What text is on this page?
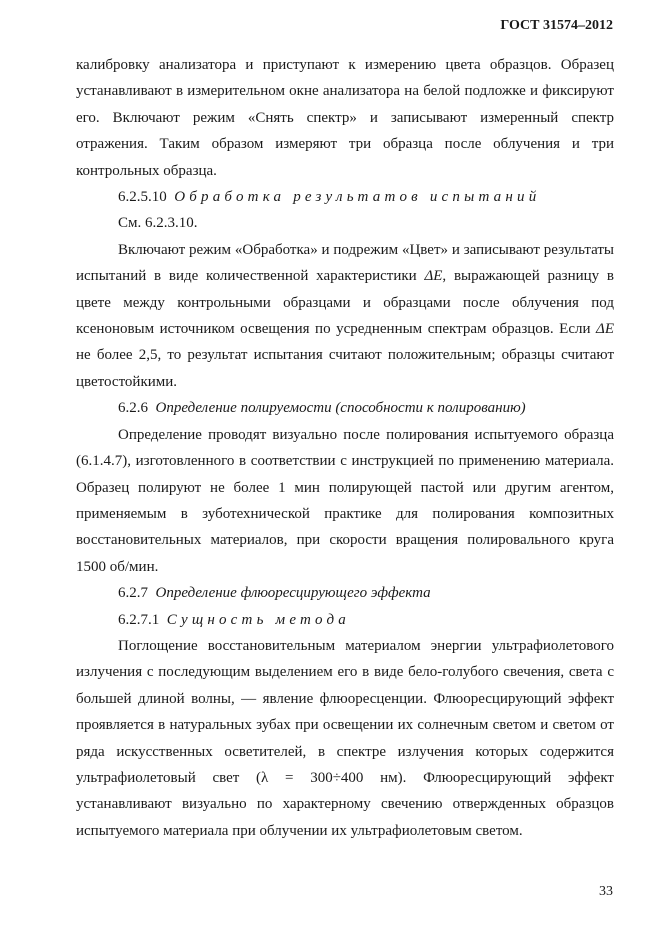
ГОСТ 31574–2012

калибровку анализатора и приступают к измерению цвета образцов. Образец устанавливают в измерительном окне анализатора на белой подложке и фиксируют его. Включают режим «Снять спектр» и записывают измеренный спектр отражения. Таким образом измеряют три образца после облучения и три контрольных образца.

6.2.5.10 Обработка результатов испытаний

См. 6.2.3.10.

Включают режим «Обработка» и подрежим «Цвет» и записывают результаты испытаний в виде количественной характеристики ΔE, выражающей разницу в цвете между контрольными образцами и образцами после облучения под ксеноновым источником освещения по усредненным спектрам образцов. Если ΔE не более 2,5, то результат испытания считают положительным; образцы считают цветостойкими.

6.2.6 Определение полируемости (способности к полированию)

Определение проводят визуально после полирования испытуемого образца (6.1.4.7), изготовленного в соответствии с инструкцией по применению материала. Образец полируют не более 1 мин полирующей пастой или другим агентом, применяемым в зуботехнической практике для полирования композитных восстановительных материалов, при скорости вращения полировального круга 1500 об/мин.

6.2.7 Определение флюоресцирующего эффекта

6.2.7.1 Сущность метода

Поглощение восстановительным материалом энергии ультрафиолетового излучения с последующим выделением его в виде бело-голубого свечения, света с большей длиной волны, — явление флюоресценции. Флюоресцирующий эффект проявляется в натуральных зубах при освещении их солнечным светом и светом от ряда искусственных осветителей, в спектре излучения которых содержится ультрафиолетовый свет (λ = 300÷400 нм). Флюоресцирующий эффект устанавливают визуально по характерному свечению отвержденных образцов испытуемого материала при облучении их ультрафиолетовым светом.

33
